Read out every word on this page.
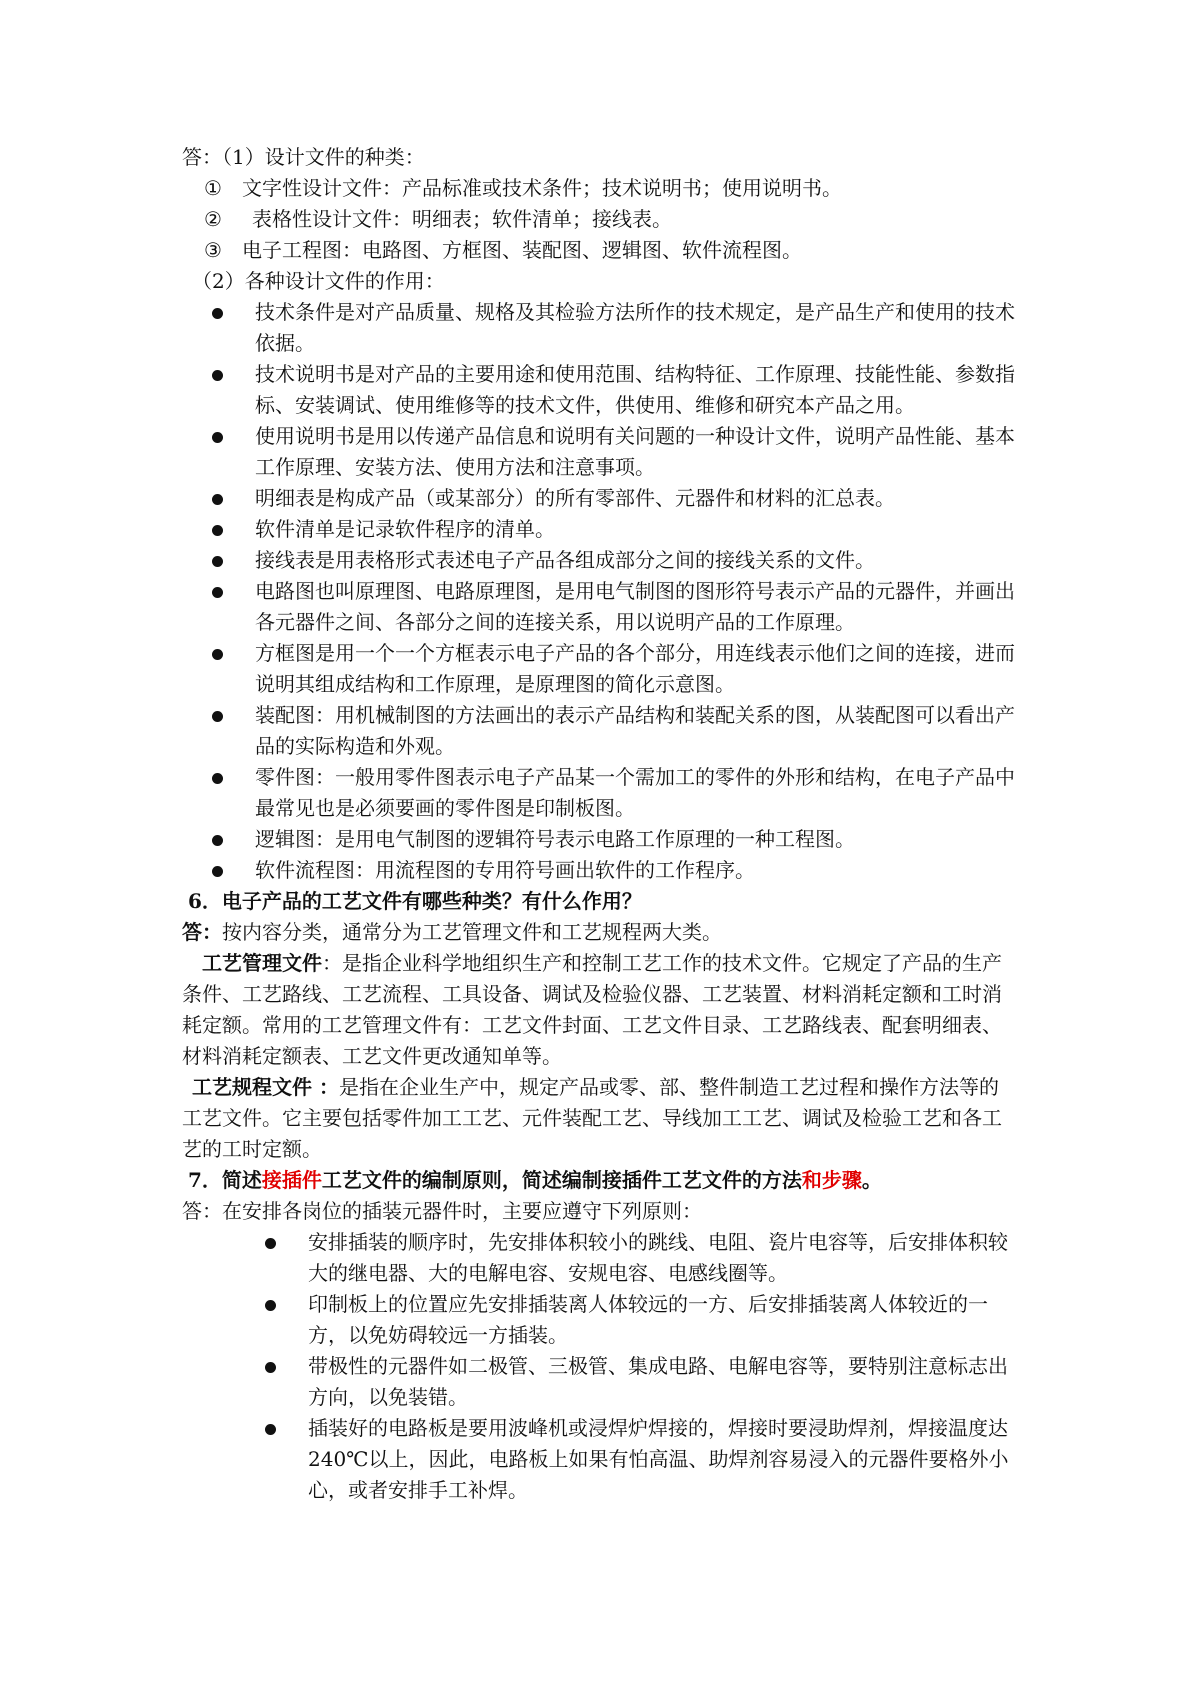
答：（1）设计文件的种类：
①	文字性设计文件：产品标准或技术条件；技术说明书；使用说明书。
②	表格性设计文件：明细表；软件清单；接线表。
③	电子工程图：电路图、方框图、装配图、逻辑图、软件流程图。
（2）各种设计文件的作用：
技术条件是对产品质量、规格及其检验方法所作的技术规定，是产品生产和使用的技术依据。
技术说明书是对产品的主要用途和使用范围、结构特征、工作原理、技能性能、参数指标、安装调试、使用维修等的技术文件，供使用、维修和研究本产品之用。
使用说明书是用以传递产品信息和说明有关问题的一种设计文件，说明产品性能、基本工作原理、安装方法、使用方法和注意事项。
明细表是构成产品（或某部分）的所有零部件、元器件和材料的汇总表。
软件清单是记录软件程序的清单。
接线表是用表格形式表述电子产品各组成部分之间的接线关系的文件。
电路图也叫原理图、电路原理图，是用电气制图的图形符号表示产品的元器件，并画出各元器件之间、各部分之间的连接关系，用以说明产品的工作原理。
方框图是用一个一个方框表示电子产品的各个部分，用连线表示他们之间的连接，进而说明其组成结构和工作原理，是原理图的简化示意图。
装配图：用机械制图的方法画出的表示产品结构和装配关系的图，从装配图可以看出产品的实际构造和外观。
零件图：一般用零件图表示电子产品某一个需加工的零件的外形和结构，在电子产品中最常见也是必须要画的零件图是印制板图。
逻辑图：是用电气制图的逻辑符号表示电路工作原理的一种工程图。
软件流程图：用流程图的专用符号画出软件的工作程序。
6．电子产品的工艺文件有哪些种类？有什么作用？
答：按内容分类，通常分为工艺管理文件和工艺规程两大类。
工艺管理文件：是指企业科学地组织生产和控制工艺工作的技术文件。它规定了产品的生产条件、工艺路线、工艺流程、工具设备、调试及检验仪器、工艺装置、材料消耗定额和工时消耗定额。常用的工艺管理文件有：工艺文件封面、工艺文件目录、工艺路线表、配套明细表、材料消耗定额表、工艺文件更改通知单等。
工艺规程文件 ：是指在企业生产中，规定产品或零、部、整件制造工艺过程和操作方法等的工艺文件。它主要包括零件加工工艺、元件装配工艺、导线加工工艺、调试及检验工艺和各工艺的工时定额。
7．简述接插件工艺文件的编制原则，简述编制接插件工艺文件的方法和步骤。
答：在安排各岗位的插装元器件时，主要应遵守下列原则：
安排插装的顺序时，先安排体积较小的跳线、电阻、瓷片电容等，后安排体积较大的继电器、大的电解电容、安规电容、电感线圈等。
印制板上的位置应先安排插装离人体较远的一方、后安排插装离人体较近的一方，以免妨碍较远一方插装。
带极性的元器件如二极管、三极管、集成电路、电解电容等，要特别注意标志出方向，以免装错。
插装好的电路板是要用波峰机或浸焊炉焊接的，焊接时要浸助焊剂，焊接温度达240℃以上，因此，电路板上如果有怕高温、助焊剂容易浸入的元器件要格外小心，或者安排手工补焊。
